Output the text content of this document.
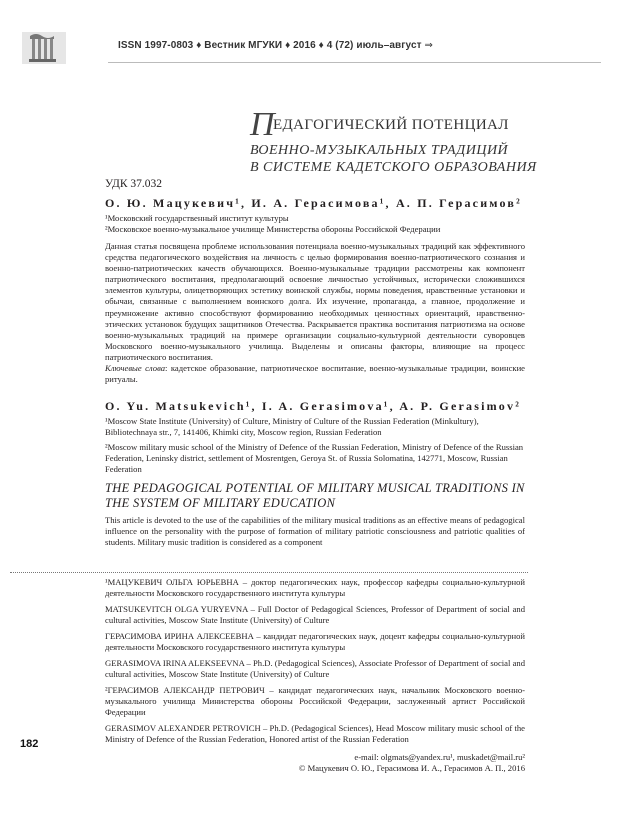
ISSN 1997-0803 ♦ Вестник МГУКИ ♦ 2016 ♦ 4 (72) июль–август ⇒
ПЕДАГОГИЧЕСКИЙ ПОТЕНЦИАЛ
ВОЕННО-МУЗЫКАЛЬНЫХ ТРАДИЦИЙ
В СИСТЕМЕ КАДЕТСКОГО ОБРАЗОВАНИЯ

УДК 37.032

О. Ю. Мацукевич¹, И. А. Герасимова¹, А. П. Герасимов²

¹Московский государственный институт культуры

²Московское военно-музыкальное училище Министерства обороны Российской Федерации

Данная статья посвящена проблеме использования потенциала военно-музыкальных традиций как эффективного средства педагогического воздействия на личность с целью формирования военно-патриотического сознания и военно-патриотических качеств обучающихся. Военно-музыкальные традиции рассмотрены как компонент патриотического воспитания, предполагающий освоение личностью устойчивых, исторически сложившихся элементов культуры, олицетворяющих эстетику воинской службы, нормы поведения, нравственные установки и обычаи, связанные с выполнением воинского долга. Их изучение, пропаганда, а главное, продолжение и преумножение активно способствуют формированию необходимых ценностных ориентаций, нравственно-этических установок будущих защитников Отечества. Раскрывается практика воспитания патриотизма на основе военно-музыкальных традиций на примере организации социально-культурной деятельности суворовцев Московского военно-музыкального училища. Выделены и описаны факторы, влияющие на процесс патриотического воспитания.

Ключевые слова: кадетское образование, патриотическое воспитание, военно-музыкальные традиции, воинские ритуалы.

O. Yu. Matsukevich¹, I. A. Gerasimova¹, A. P. Gerasimov²

¹Moscow State Institute (University) of Culture, Ministry of Culture of the Russian Federation (Minkultury), Bibliotechnaya str., 7, 141406, Khimki city, Moscow region, Russian Federation

²Moscow military music school of the Ministry of Defence of the Russian Federation, Ministry of Defence of the Russian Federation, Leninsky district, settlement of Mosrentgen, Geroya St. of Russia Solomatina, 142771, Moscow, Russian Federation

THE PEDAGOGICAL POTENTIAL OF MILITARY MUSICAL TRADITIONS IN THE SYSTEM OF MILITARY EDUCATION

This article is devoted to the use of the capabilities of the military musical traditions as an effective means of pedagogical influence on the personality with the purpose of formation of military patriotic consciousness and patriotic qualities of students. Military music tradition is considered as a component

¹МАЦУКЕВИЧ ОЛЬГА ЮРЬЕВНА – доктор педагогических наук, профессор кафедры социально-культурной деятельности Московского государственного института культуры

MATSUKEVITCH OLGA YURYEVNA – Full Doctor of Pedagogical Sciences, Professor of Department of social and cultural activities, Moscow State Institute (University) of Culture

ГЕРАСИМОВА ИРИНА АЛЕКСЕЕВНА – кандидат педагогических наук, доцент кафедры социально-культурной деятельности Московского государственного института культуры

GERASIMOVA IRINA ALEKSEEVNA – Ph.D. (Pedagogical Sciences), Associate Professor of Department of social and cultural activities, Moscow State Institute (University) of Culture

²ГЕРАСИМОВ АЛЕКСАНДР ПЕТРОВИЧ – кандидат педагогических наук, начальник Московского военно-музыкального училища Министерства обороны Российской Федерации, заслуженный артист Российской Федерации

GERASIMOV ALEXANDER PETROVICH – Ph.D. (Pedagogical Sciences), Head Moscow military music school of the Ministry of Defence of the Russian Federation, Honored artist of the Russian Federation

182
e-mail: olgmats@yandex.ru¹, muskadet@mail.ru²
© Мацукевич О. Ю., Герасимова И. А., Герасимов А. П., 2016
